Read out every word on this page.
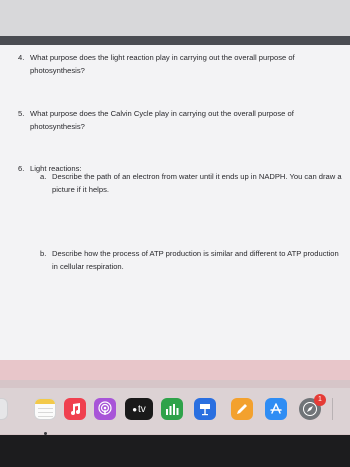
4. What purpose does the light reaction play in carrying out the overall purpose of photosynthesis?
5. What purpose does the Calvin Cycle play in carrying out the overall purpose of photosynthesis?
6. Light reactions:
a. Describe the path of an electron from water until it ends up in NADPH. You can draw a picture if it helps.
b. Describe how the process of ATP production is similar and different to ATP production in cellular respiration.
● tv
1
